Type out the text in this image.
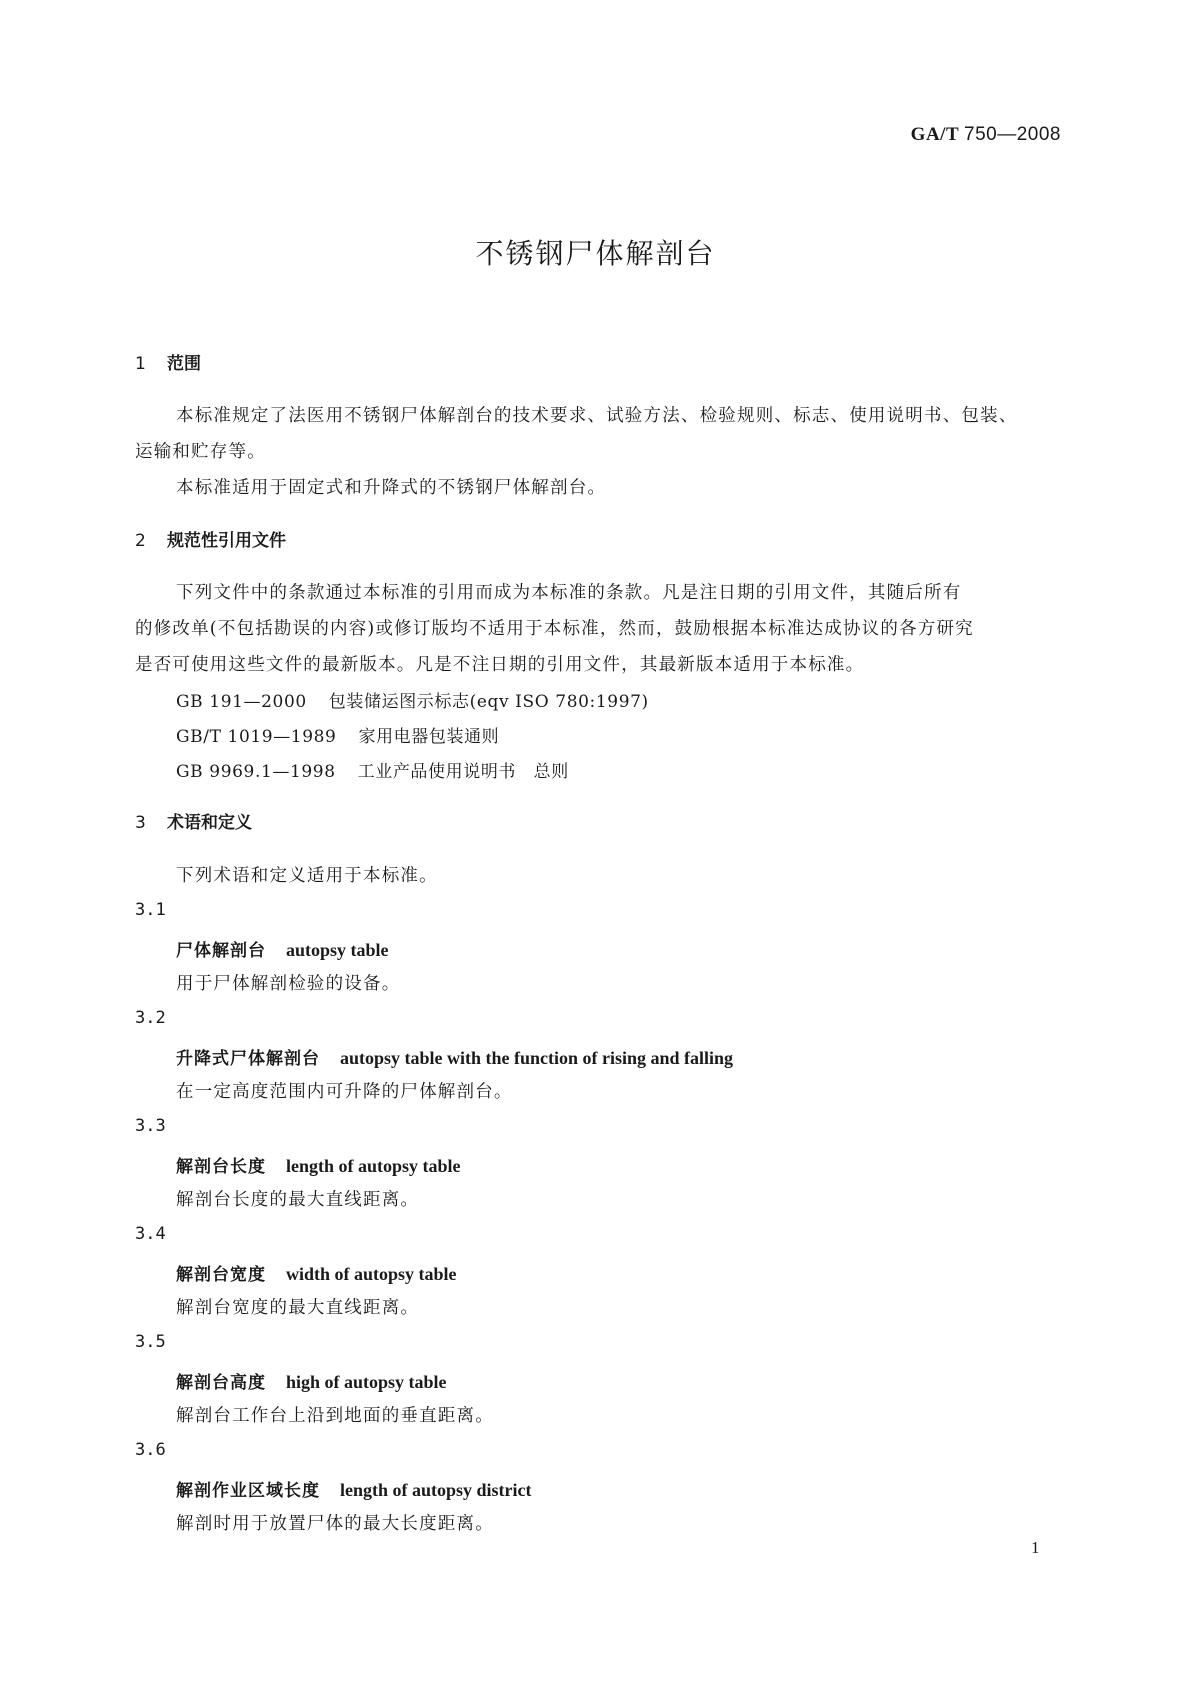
GA/T 750—2008
不锈钢尸体解剖台
1 范围
本标准规定了法医用不锈钢尸体解剖台的技术要求、试验方法、检验规则、标志、使用说明书、包装、
运输和贮存等。
本标准适用于固定式和升降式的不锈钢尸体解剖台。
2 规范性引用文件
下列文件中的条款通过本标准的引用而成为本标准的条款。凡是注日期的引用文件，其随后所有
的修改单(不包括勘误的内容)或修订版均不适用于本标准，然而，鼓励根据本标准达成协议的各方研究
是否可使用这些文件的最新版本。凡是不注日期的引用文件，其最新版本适用于本标准。
GB 191—2000 包装储运图示标志(eqv ISO 780:1997)
GB/T 1019—1989 家用电器包装通则
GB 9969.1—1998 工业产品使用说明书　总则
3 术语和定义
下列术语和定义适用于本标准。
3.1
尸体解剖台 autopsy table
用于尸体解剖检验的设备。
3.2
升降式尸体解剖台 autopsy table with the function of rising and falling
在一定高度范围内可升降的尸体解剖台。
3.3
解剖台长度 length of autopsy table
解剖台长度的最大直线距离。
3.4
解剖台宽度 width of autopsy table
解剖台宽度的最大直线距离。
3.5
解剖台高度 high of autopsy table
解剖台工作台上沿到地面的垂直距离。
3.6
解剖作业区域长度 length of autopsy district
解剖时用于放置尸体的最大长度距离。
1
